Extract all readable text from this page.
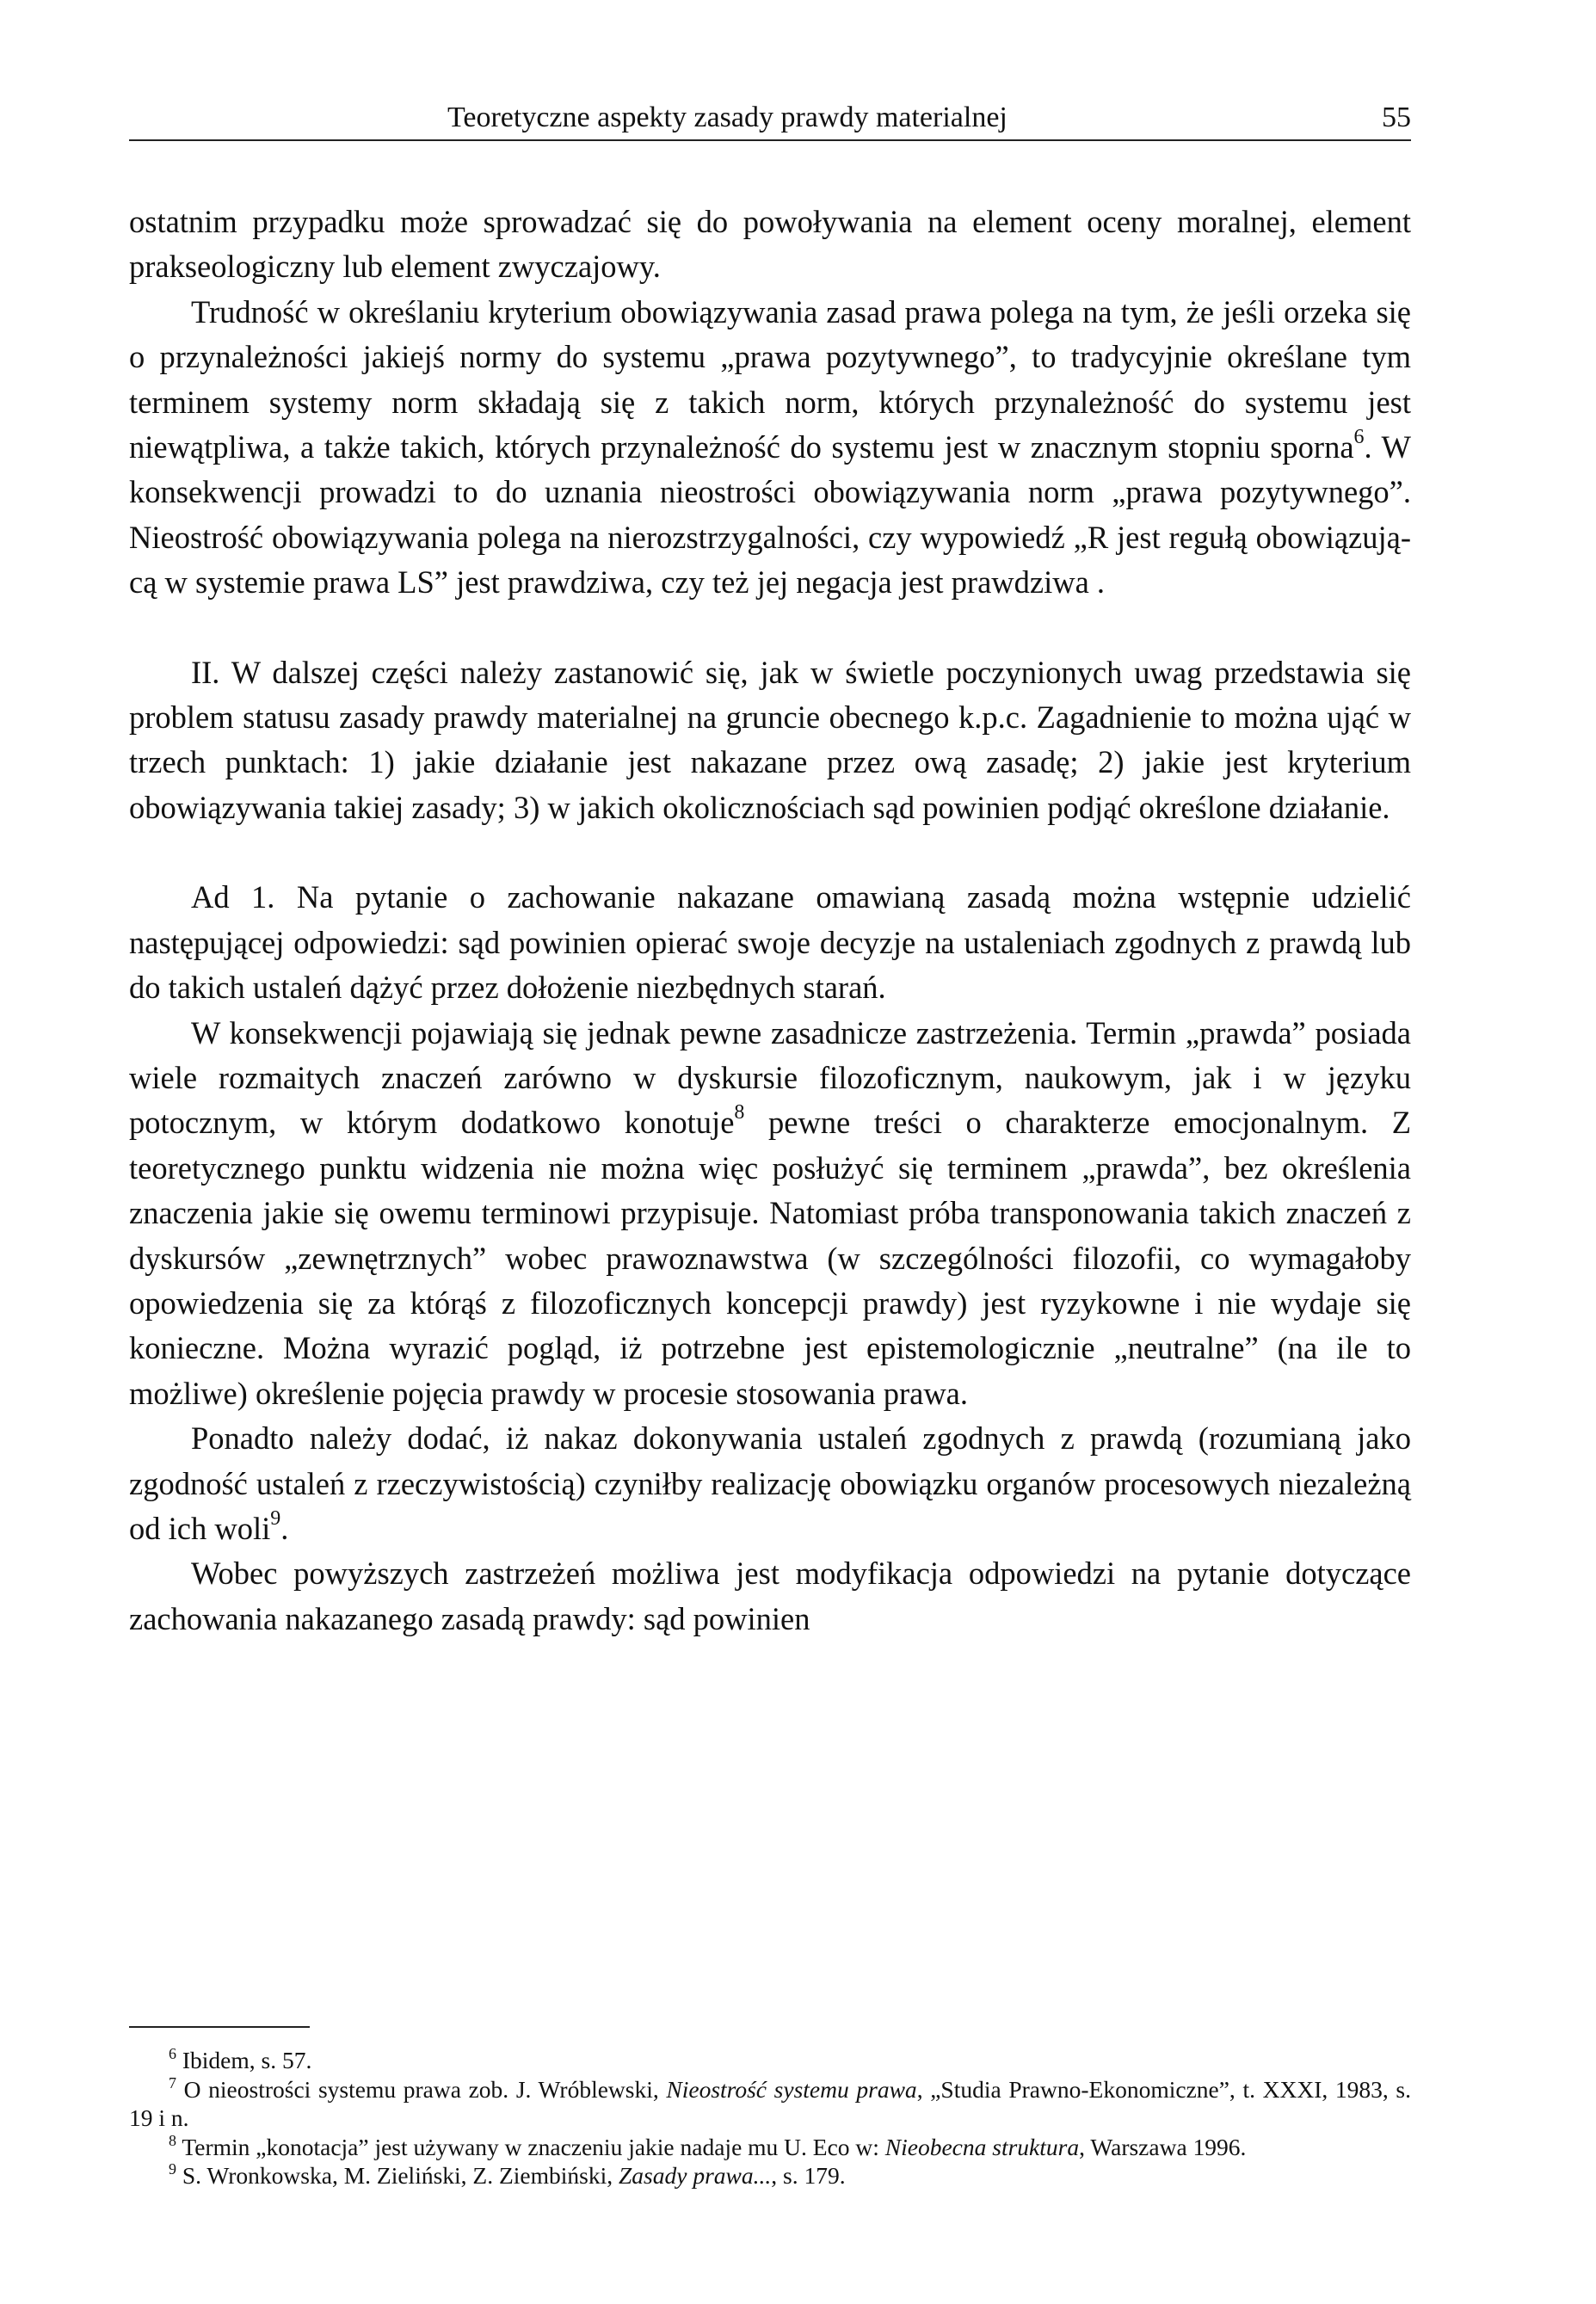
Teoretyczne aspekty zasady prawdy materialnej	55

ostatnim przypadku może sprowadzać się do powoływania na element oceny moralnej, element prakseologiczny lub element zwyczajowy.

Trudność w określaniu kryterium obowiązywania zasad prawa polega na tym, że jeśli orzeka się o przynależności jakiejś normy do systemu „prawa pozytywnego”, to tradycyjnie określane tym terminem systemy norm składają się z takich norm, których przynależność do systemu jest niewątpliwa, a także takich, których przynależność do systemu jest w znacznym stopniu sporna$^6$. W konsekwencji prowadzi to do uznania nieostrości obowiązywania norm „prawa pozytywnego”. Nieostrość obowiązywania polega na nierozstrzygalności, czy wypowiedź „R jest regułą obowiązującą w systemie prawa LS” jest prawdziwa, czy też jej negacja jest prawdziwa .

II. W dalszej części należy zastanowić się, jak w świetle poczynionych uwag przedstawia się problem statusu zasady prawdy materialnej na gruncie obecnego k.p.c. Zagadnienie to można ująć w trzech punktach: 1) jakie działanie jest nakazane przez ową zasadę; 2) jakie jest kryterium obowiązywania takiej zasady; 3) w jakich okolicznościach sąd powinien podjąć określone działanie.

Ad 1. Na pytanie o zachowanie nakazane omawianą zasadą można wstępnie udzielić następującej odpowiedzi: sąd powinien opierać swoje decyzje na ustaleniach zgodnych z prawdą lub do takich ustaleń dążyć przez dołożenie niezbędnych starań.

W konsekwencji pojawiają się jednak pewne zasadnicze zastrzeżenia. Termin „prawda” posiada wiele rozmaitych znaczeń zarówno w dyskursie filozoficznym, naukowym, jak i w języku potocznym, w którym dodatkowo konotuje$^8$ pewne treści o charakterze emocjonalnym. Z teoretycznego punktu widzenia nie można więc posłużyć się terminem „prawda”, bez określenia znaczenia jakie się owemu terminowi przypisuje. Natomiast próba transponowania takich znaczeń z dyskursów „zewnętrznych” wobec prawoznawstwa (w szczególności filozofii, co wymagałoby opowiedzenia się za którąś z filozoficznych koncepcji prawdy) jest ryzykowne i nie wydaje się konieczne. Można wyrazić pogląd, iż potrzebne jest epistemologicznie „neutralne” (na ile to możliwe) określenie pojęcia prawdy w procesie stosowania prawa.

Ponadto należy dodać, iż nakaz dokonywania ustaleń zgodnych z prawdą (rozumianą jako zgodność ustaleń z rzeczywistością) czyniłby realizację obowiązku organów procesowych niezależną od ich woli$^9$.

Wobec powyższych zastrzeżeń możliwa jest modyfikacja odpowiedzi na pytanie dotyczące zachowania nakazanego zasadą prawdy: sąd powinien

$^6$ Ibidem, s. 57.

$^7$ O nieostrości systemu prawa zob. J. Wróblewski, Nieostrość systemu prawa, „Studia Prawno-Ekonomiczne”, t. XXXI, 1983, s. 19 i n.

$^8$ Termin „konotacja” jest używany w znaczeniu jakie nadaje mu U. Eco w: Nieobecna struktura, Warszawa 1996.

$^9$ S. Wronkowska, M. Zieliński, Z. Ziembiński, Zasady prawa..., s. 179.
